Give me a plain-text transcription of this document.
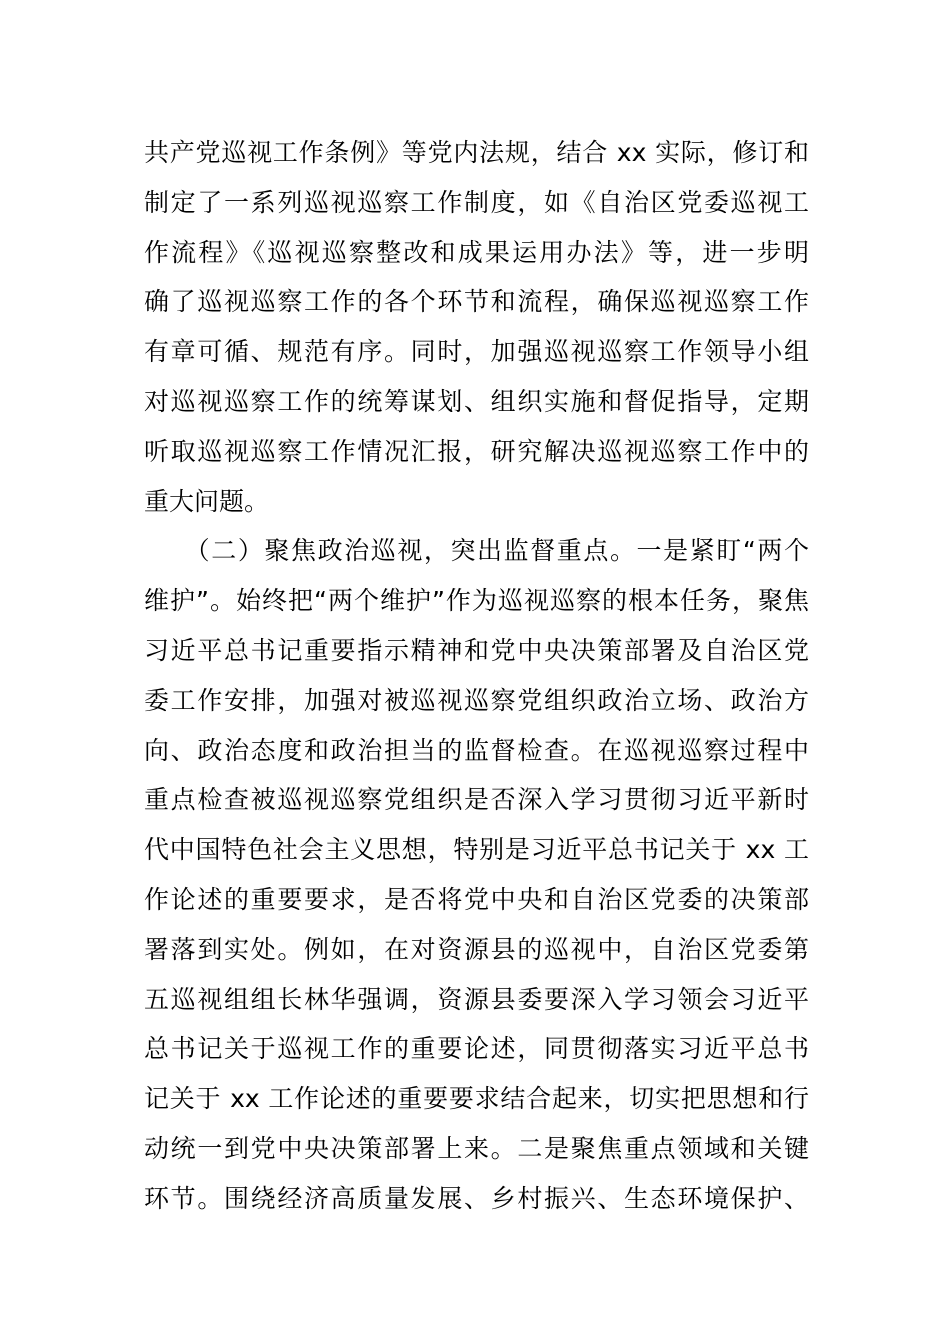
共产党巡视工作条例》等党内法规，结合 xx 实际，修订和
制定了一系列巡视巡察工作制度，如《自治区党委巡视工
作流程》《巡视巡察整改和成果运用办法》等，进一步明
确了巡视巡察工作的各个环节和流程，确保巡视巡察工作
有章可循、规范有序。同时，加强巡视巡察工作领导小组
对巡视巡察工作的统筹谋划、组织实施和督促指导，定期
听取巡视巡察工作情况汇报，研究解决巡视巡察工作中的
重大问题。
　　（二）聚焦政治巡视，突出监督重点。一是紧盯“两个
维护”。始终把“两个维护”作为巡视巡察的根本任务，聚焦
习近平总书记重要指示精神和党中央决策部署及自治区党
委工作安排，加强对被巡视巡察党组织政治立场、政治方
向、政治态度和政治担当的监督检查。在巡视巡察过程中
重点检查被巡视巡察党组织是否深入学习贯彻习近平新时
代中国特色社会主义思想，特别是习近平总书记关于 xx 工
作论述的重要要求，是否将党中央和自治区党委的决策部
署落到实处。例如，在对资源县的巡视中，自治区党委第
五巡视组组长林华强调，资源县委要深入学习领会习近平
总书记关于巡视工作的重要论述，同贯彻落实习近平总书
记关于 xx 工作论述的重要要求结合起来，切实把思想和行
动统一到党中央决策部署上来。二是聚焦重点领域和关键
环节。围绕经济高质量发展、乡村振兴、生态环境保护、
